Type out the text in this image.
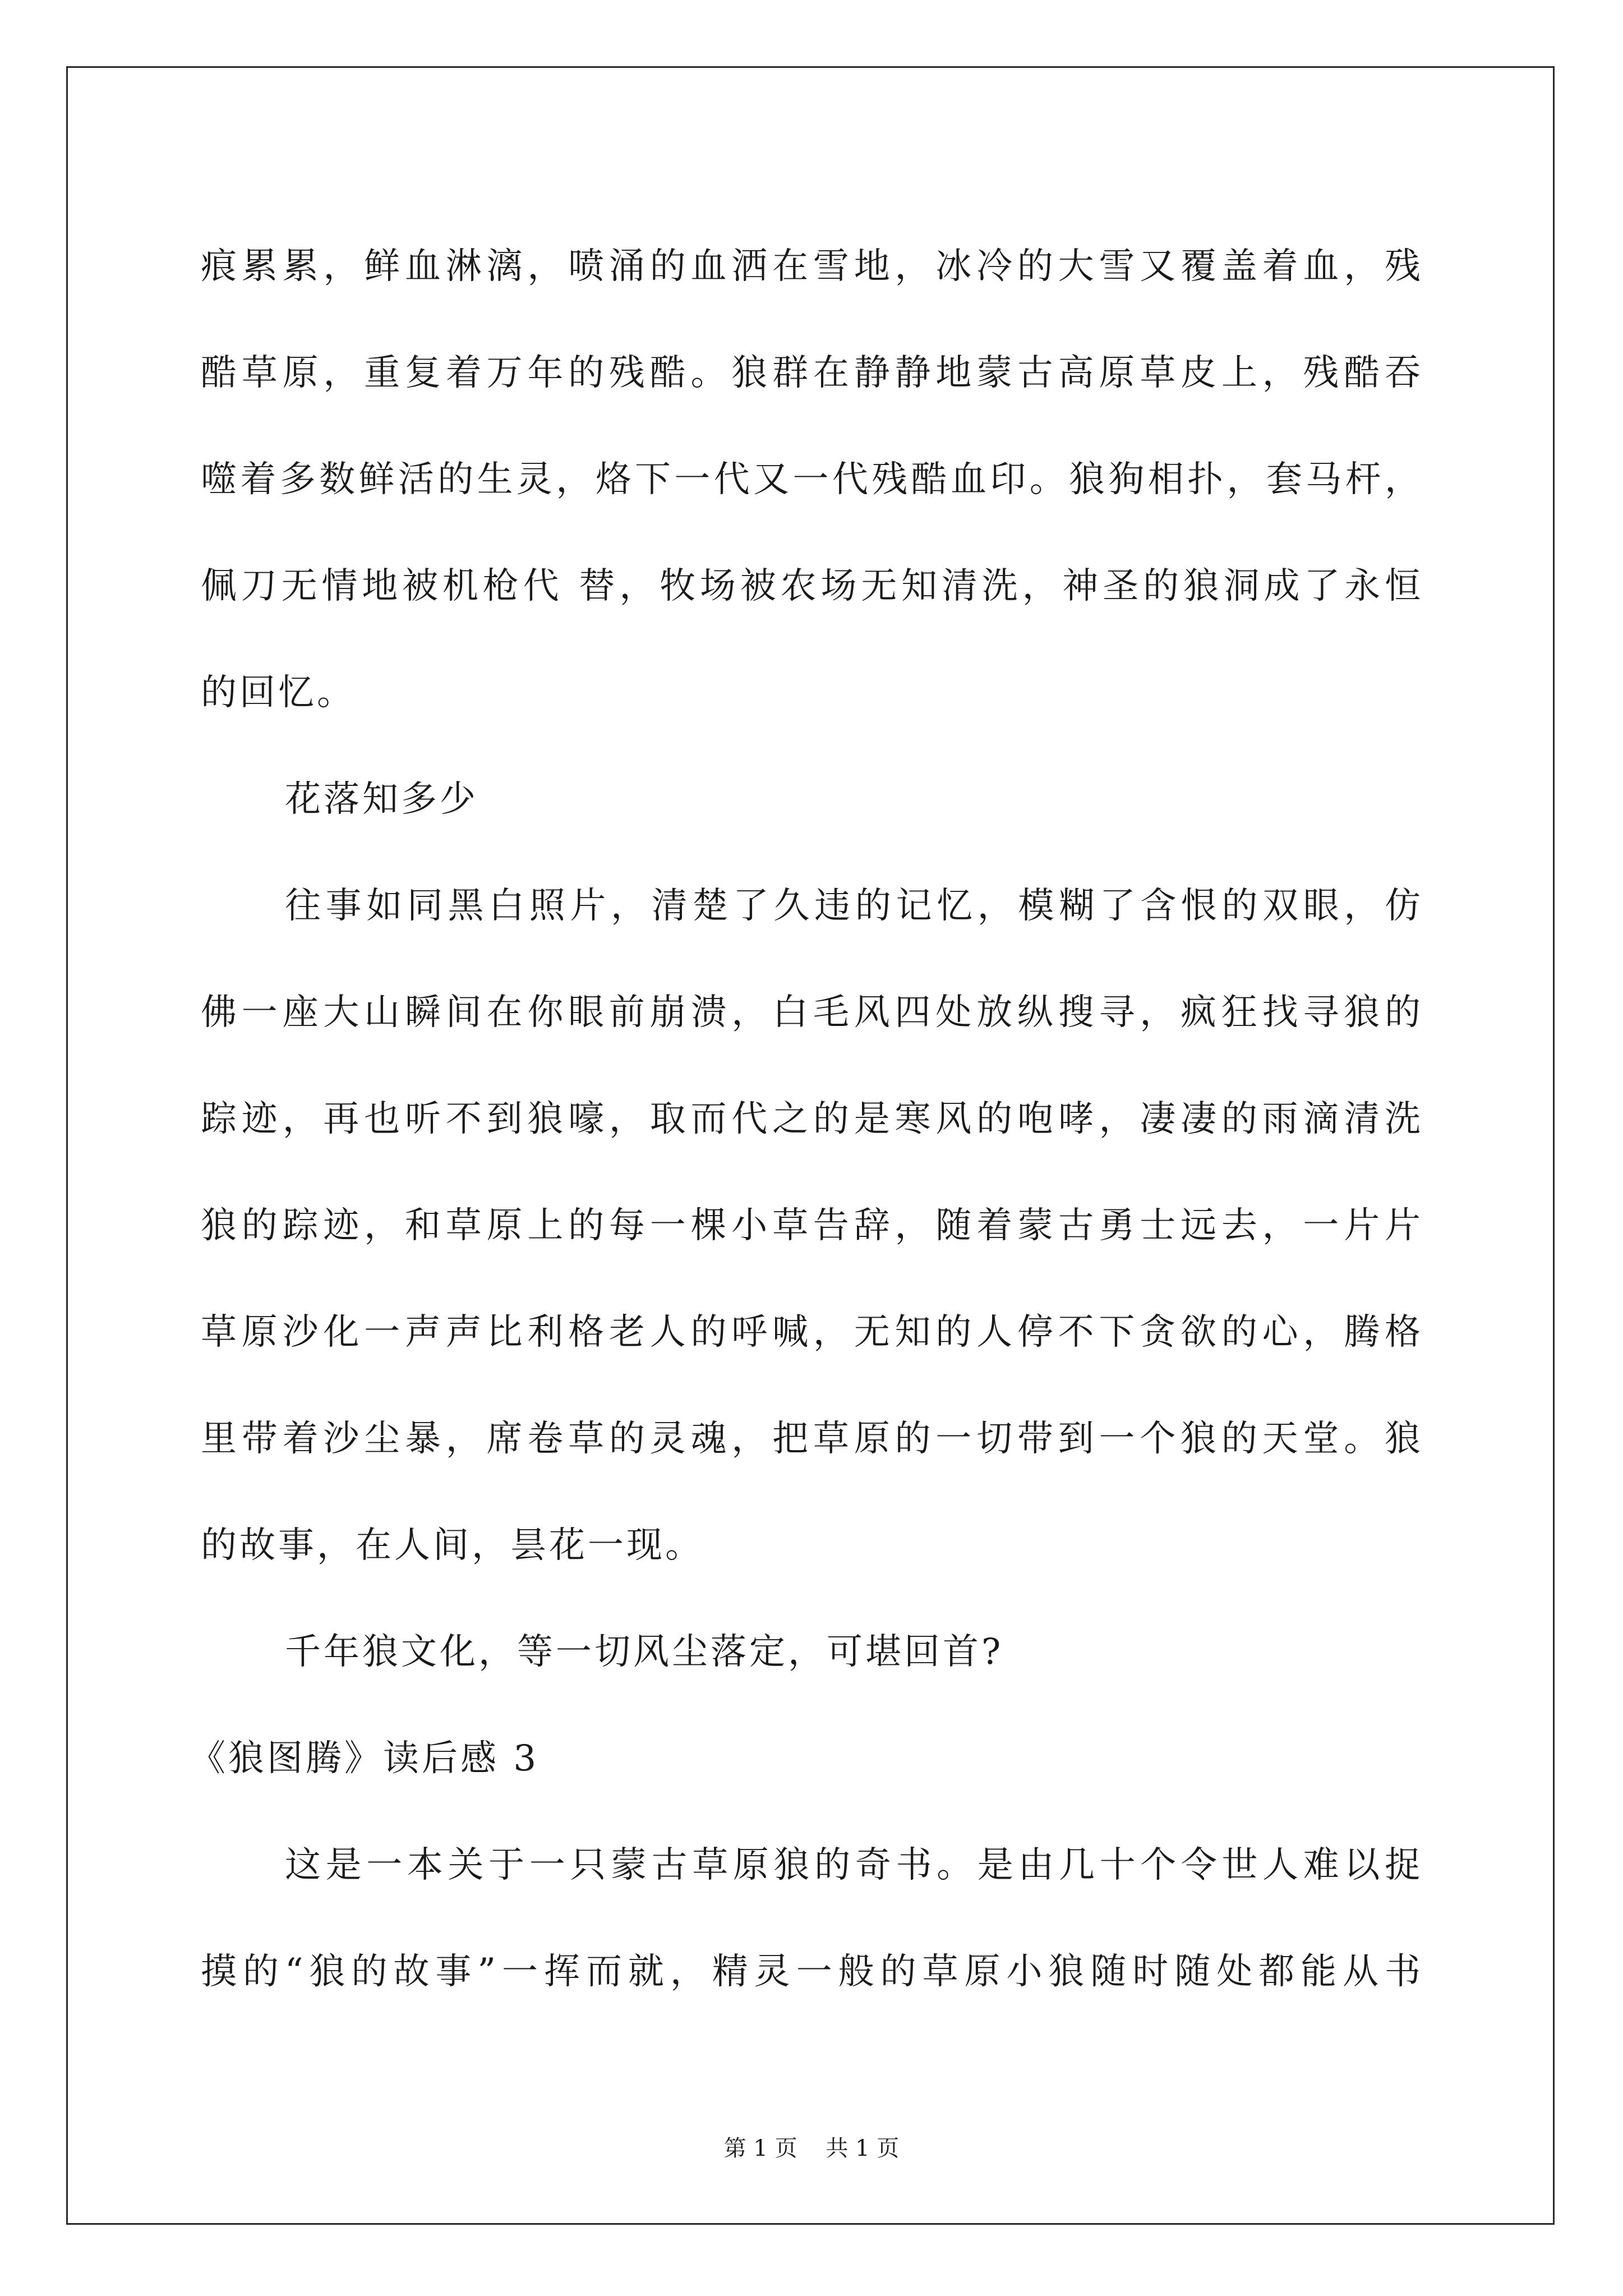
痕累累，鲜血淋漓，喷涌的血洒在雪地，冰冷的大雪又覆盖着血，残
酷草原，重复着万年的残酷。狼群在静静地蒙古高原草皮上，残酷吞
噬着多数鲜活的生灵，烙下一代又一代残酷血印。狼狗相扑，套马杆，
佩刀无情地被机枪代 替，牧场被农场无知清洗，神圣的狼洞成了永恒
的回忆。
花落知多少
往事如同黑白照片，清楚了久违的记忆，模糊了含恨的双眼，仿
佛一座大山瞬间在你眼前崩溃，白毛风四处放纵搜寻，疯狂找寻狼的
踪迹，再也听不到狼嚎，取而代之的是寒风的咆哮，凄凄的雨滴清洗
狼的踪迹，和草原上的每一棵小草告辞，随着蒙古勇士远去，一片片
草原沙化一声声比利格老人的呼喊，无知的人停不下贪欲的心，腾格
里带着沙尘暴，席卷草的灵魂，把草原的一切带到一个狼的天堂。狼
的故事，在人间，昙花一现。
千年狼文化，等一切风尘落定，可堪回首?
《狼图腾》读后感 3
这是一本关于一只蒙古草原狼的奇书。是由几十个令世人难以捉
摸的“狼的故事”一挥而就，精灵一般的草原小狼随时随处都能从书
第 1 页    共 1 页
